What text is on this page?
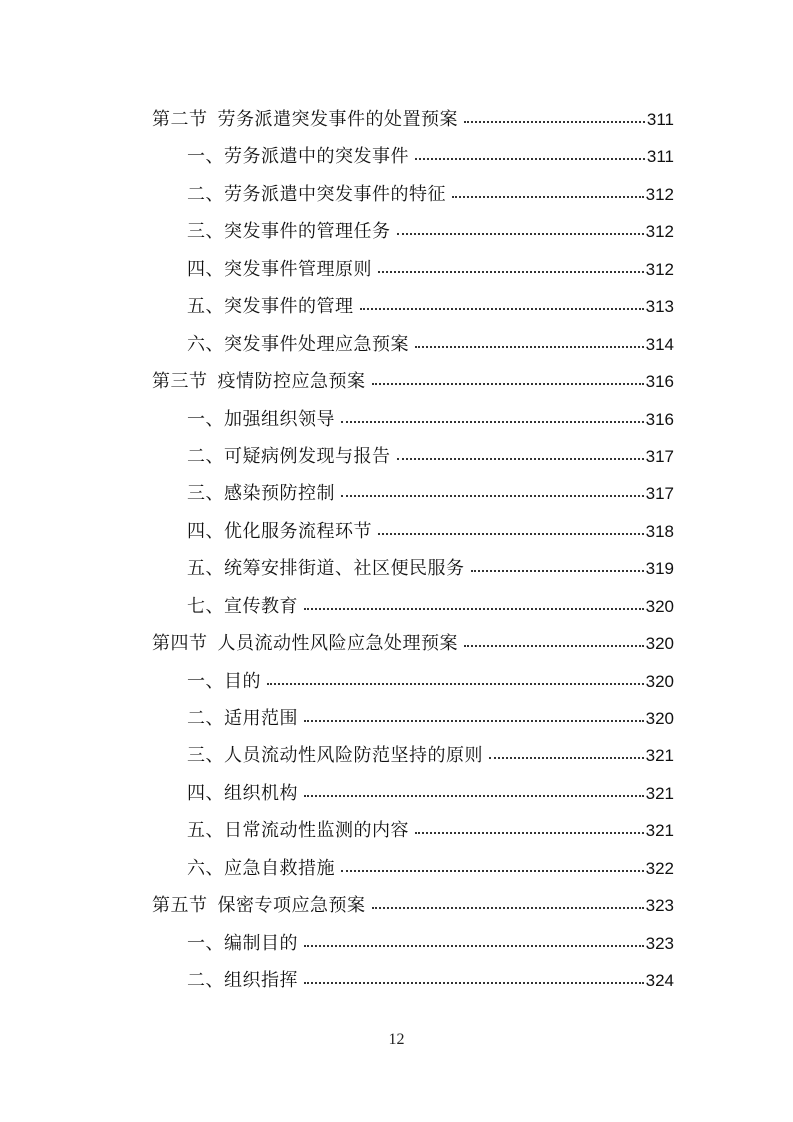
第二节 劳务派遣突发事件的处置预案	311
一、劳务派遣中的突发事件	311
二、劳务派遣中突发事件的特征	312
三、突发事件的管理任务	312
四、突发事件管理原则	312
五、突发事件的管理	313
六、突发事件处理应急预案	314
第三节 疫情防控应急预案	316
一、加强组织领导	316
二、可疑病例发现与报告	317
三、感染预防控制	317
四、优化服务流程环节	318
五、统筹安排街道、社区便民服务	319
七、宣传教育	320
第四节 人员流动性风险应急处理预案	320
一、目的	320
二、适用范围	320
三、人员流动性风险防范坚持的原则	321
四、组织机构	321
五、日常流动性监测的内容	321
六、应急自救措施	322
第五节 保密专项应急预案	323
一、编制目的	323
二、组织指挥	324
12
